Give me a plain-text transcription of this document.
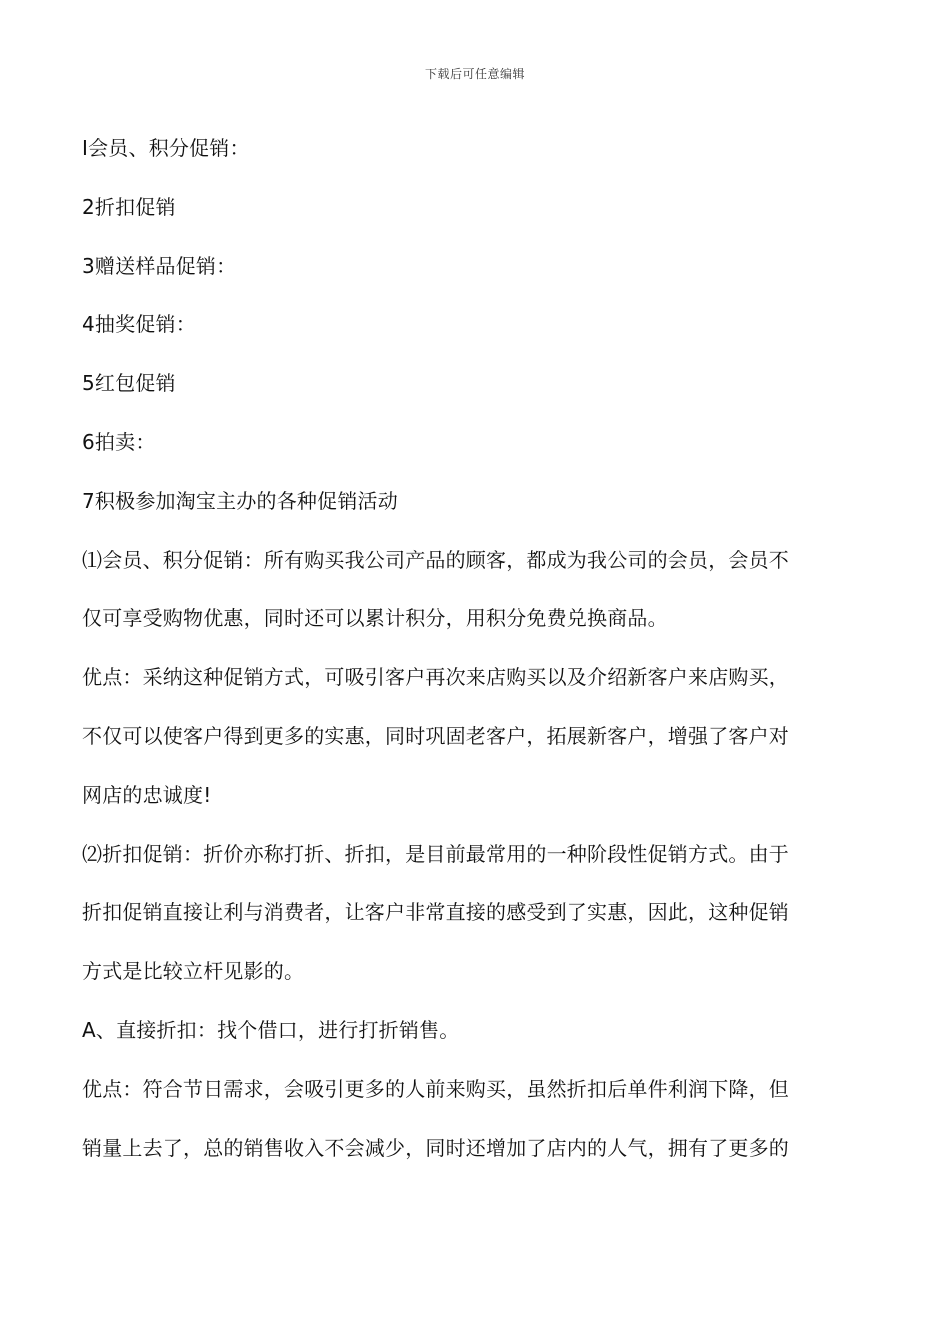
下载后可任意编辑
Ⅰ会员、积分促销：
2折扣促销
3赠送样品促销：
4抽奖促销：
5红包促销
6拍卖：
7积极参加淘宝主办的各种促销活动
⑴会员、积分促销：所有购买我公司产品的顾客，都成为我公司的会员，会员不
仅可享受购物优惠，同时还可以累计积分，用积分免费兑换商品。
优点：采纳这种促销方式，可吸引客户再次来店购买以及介绍新客户来店购买，
不仅可以使客户得到更多的实惠，同时巩固老客户，拓展新客户，增强了客户对
网店的忠诚度!
⑵折扣促销：折价亦称打折、折扣，是目前最常用的一种阶段性促销方式。由于
折扣促销直接让利与消费者，让客户非常直接的感受到了实惠，因此，这种促销
方式是比较立杆见影的。
A、直接折扣：找个借口，进行打折销售。
优点：符合节日需求，会吸引更多的人前来购买，虽然折扣后单件利润下降，但
销量上去了，总的销售收入不会减少，同时还增加了店内的人气，拥有了更多的
